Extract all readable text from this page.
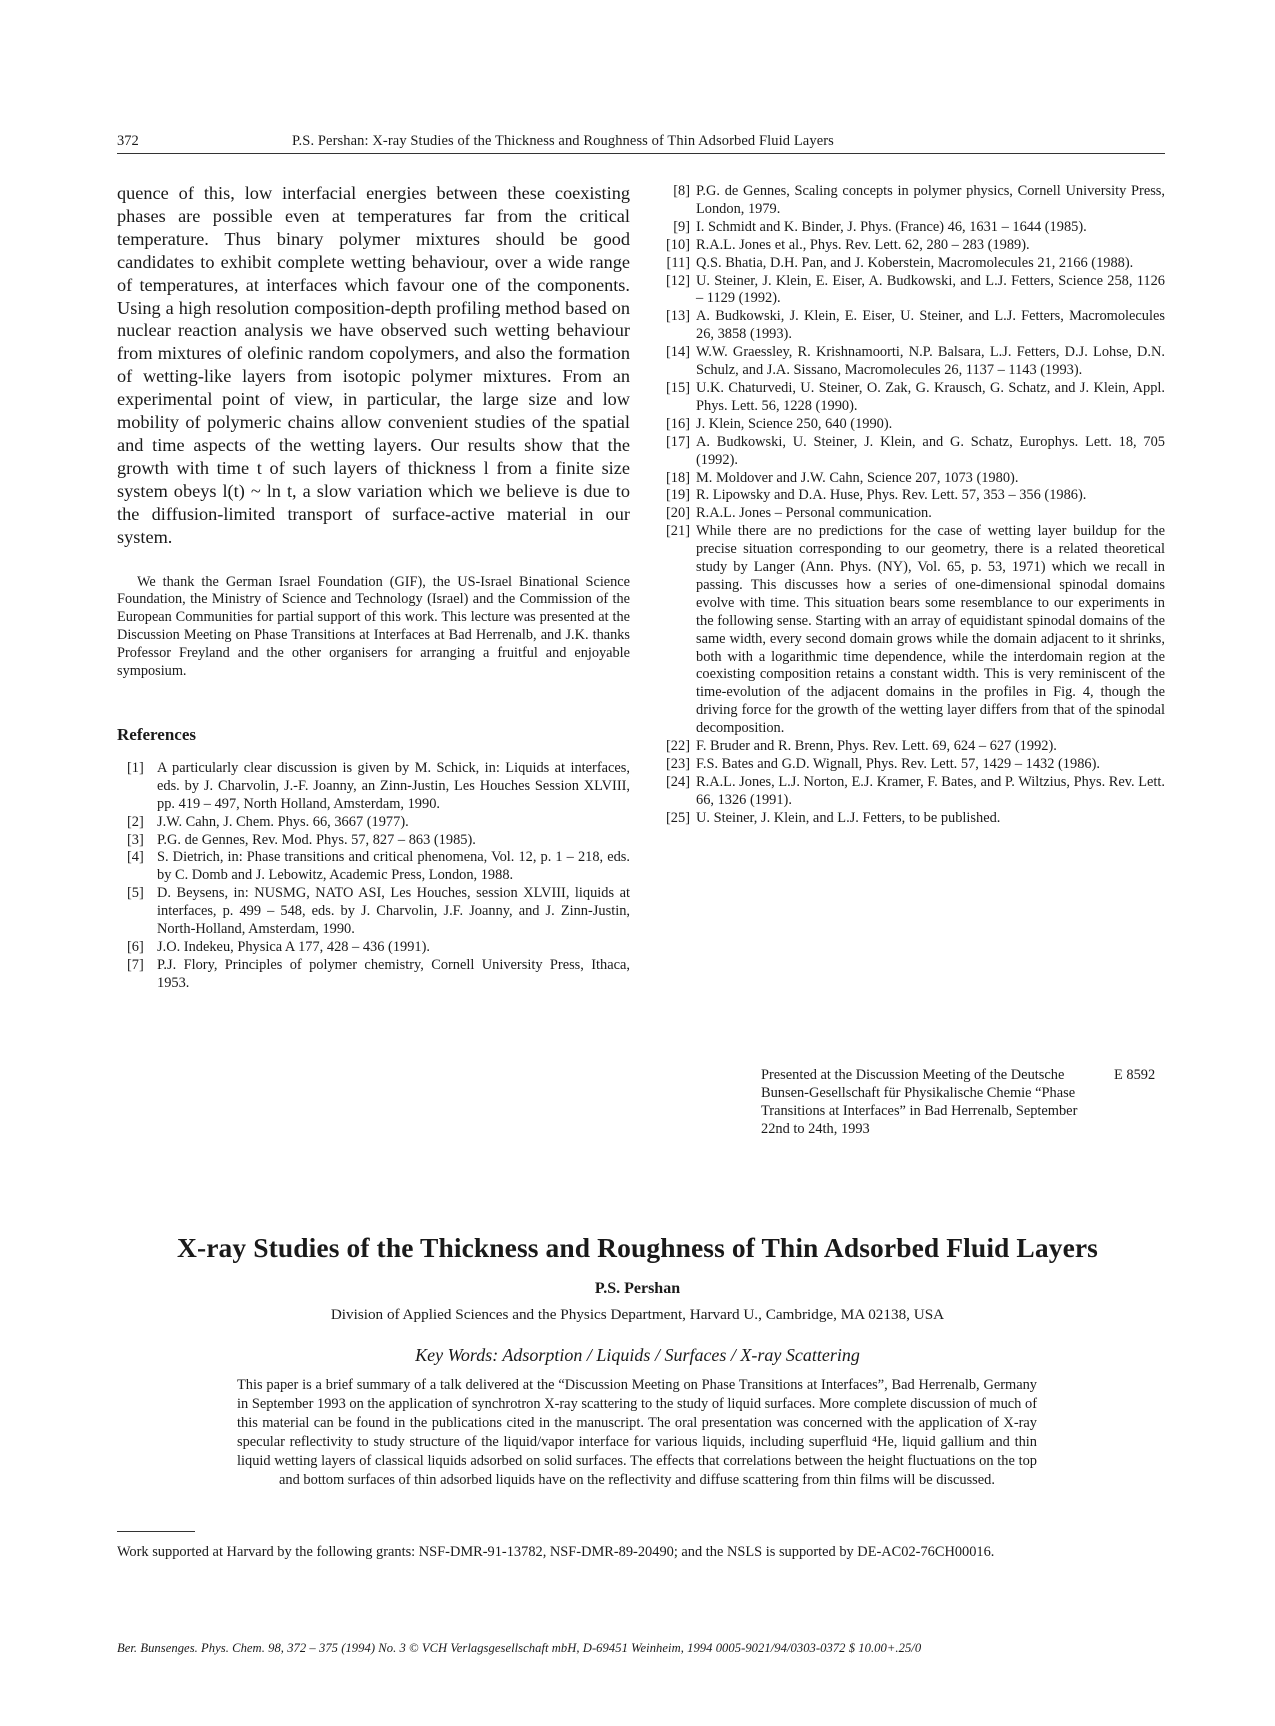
372	P.S. Pershan: X-ray Studies of the Thickness and Roughness of Thin Adsorbed Fluid Layers

quence of this, low interfacial energies between these coexisting phases are possible even at temperatures far from the critical temperature. Thus binary polymer mixtures should be good candidates to exhibit complete wetting behaviour, over a wide range of temperatures, at interfaces which favour one of the components. Using a high resolution composition-depth profiling method based on nuclear reaction analysis we have observed such wetting behaviour from mixtures of olefinic random copolymers, and also the formation of wetting-like layers from isotopic polymer mixtures. From an experimental point of view, in particular, the large size and low mobility of polymeric chains allow convenient studies of the spatial and time aspects of the wetting layers. Our results show that the growth with time t of such layers of thickness l from a finite size system obeys l(t) ~ ln t, a slow variation which we believe is due to the diffusion-limited transport of surface-active material in our system.

We thank the German Israel Foundation (GIF), the US-Israel Binational Science Foundation, the Ministry of Science and Technology (Israel) and the Commission of the European Communities for partial support of this work. This lecture was presented at the Discussion Meeting on Phase Transitions at Interfaces at Bad Herrenalb, and J.K. thanks Professor Freyland and the other organisers for arranging a fruitful and enjoyable symposium.

References
[1] A particularly clear discussion is given by M. Schick, in: Liquids at interfaces, eds. by J. Charvolin, J.-F. Joanny, an Zinn-Justin, Les Houches Session XLVIII, pp. 419 – 497, North Holland, Amsterdam, 1990.
[2] J.W. Cahn, J. Chem. Phys. 66, 3667 (1977).
[3] P.G. de Gennes, Rev. Mod. Phys. 57, 827 – 863 (1985).
[4] S. Dietrich, in: Phase transitions and critical phenomena, Vol. 12, p. 1 – 218, eds. by C. Domb and J. Lebowitz, Academic Press, London, 1988.
[5] D. Beysens, in: NUSMG, NATO ASI, Les Houches, session XLVIII, liquids at interfaces, p. 499 – 548, eds. by J. Charvolin, J.F. Joanny, and J. Zinn-Justin, North-Holland, Amsterdam, 1990.
[6] J.O. Indekeu, Physica A 177, 428 – 436 (1991).
[7] P.J. Flory, Principles of polymer chemistry, Cornell University Press, Ithaca, 1953.
[8] P.G. de Gennes, Scaling concepts in polymer physics, Cornell University Press, London, 1979.
[9] I. Schmidt and K. Binder, J. Phys. (France) 46, 1631 – 1644 (1985).
[10] R.A.L. Jones et al., Phys. Rev. Lett. 62, 280 – 283 (1989).
[11] Q.S. Bhatia, D.H. Pan, and J. Koberstein, Macromolecules 21, 2166 (1988).
[12] U. Steiner, J. Klein, E. Eiser, A. Budkowski, and L.J. Fetters, Science 258, 1126 – 1129 (1992).
[13] A. Budkowski, J. Klein, E. Eiser, U. Steiner, and L.J. Fetters, Macromolecules 26, 3858 (1993).
[14] W.W. Graessley, R. Krishnamoorti, N.P. Balsara, L.J. Fetters, D.J. Lohse, D.N. Schulz, and J.A. Sissano, Macromolecules 26, 1137 – 1143 (1993).
[15] U.K. Chaturvedi, U. Steiner, O. Zak, G. Krausch, G. Schatz, and J. Klein, Appl. Phys. Lett. 56, 1228 (1990).
[16] J. Klein, Science 250, 640 (1990).
[17] A. Budkowski, U. Steiner, J. Klein, and G. Schatz, Europhys. Lett. 18, 705 (1992).
[18] M. Moldover and J.W. Cahn, Science 207, 1073 (1980).
[19] R. Lipowsky and D.A. Huse, Phys. Rev. Lett. 57, 353 – 356 (1986).
[20] R.A.L. Jones – Personal communication.
[21] While there are no predictions for the case of wetting layer buildup for the precise situation corresponding to our geometry, there is a related theoretical study by Langer (Ann. Phys. (NY), Vol. 65, p. 53, 1971) which we recall in passing. This discusses how a series of one-dimensional spinodal domains evolve with time. This situation bears some resemblance to our experiments in the following sense. Starting with an array of equidistant spinodal domains of the same width, every second domain grows while the domain adjacent to it shrinks, both with a logarithmic time dependence, while the interdomain region at the coexisting composition retains a constant width. This is very reminiscent of the time-evolution of the adjacent domains in the profiles in Fig. 4, though the driving force for the growth of the wetting layer differs from that of the spinodal decomposition.
[22] F. Bruder and R. Brenn, Phys. Rev. Lett. 69, 624 – 627 (1992).
[23] F.S. Bates and G.D. Wignall, Phys. Rev. Lett. 57, 1429 – 1432 (1986).
[24] R.A.L. Jones, L.J. Norton, E.J. Kramer, F. Bates, and P. Wiltzius, Phys. Rev. Lett. 66, 1326 (1991).
[25] U. Steiner, J. Klein, and L.J. Fetters, to be published.
Presented at the Discussion Meeting of the Deutsche Bunsen-Gesellschaft für Physikalische Chemie “Phase Transitions at Interfaces” in Bad Herrenalb, September 22nd to 24th, 1993
E 8592
X-ray Studies of the Thickness and Roughness of Thin Adsorbed Fluid Layers
P.S. Pershan
Division of Applied Sciences and the Physics Department, Harvard U., Cambridge, MA 02138, USA
Key Words: Adsorption / Liquids / Surfaces / X-ray Scattering

This paper is a brief summary of a talk delivered at the “Discussion Meeting on Phase Transitions at Interfaces”, Bad Herrenalb, Germany in September 1993 on the application of synchrotron X-ray scattering to the study of liquid surfaces. More complete discussion of much of this material can be found in the publications cited in the manuscript. The oral presentation was concerned with the application of X-ray specular reflectivity to study structure of the liquid/vapor interface for various liquids, including superfluid ⁴He, liquid gallium and thin liquid wetting layers of classical liquids adsorbed on solid surfaces. The effects that correlations between the height fluctuations on the top and bottom surfaces of thin adsorbed liquids have on the reflectivity and diffuse scattering from thin films will be discussed.

Work supported at Harvard by the following grants: NSF-DMR-91-13782, NSF-DMR-89-20490; and the NSLS is supported by DE-AC02-76CH00016.

Ber. Bunsenges. Phys. Chem. 98, 372 – 375 (1994) No. 3 © VCH Verlagsgesellschaft mbH, D-69451 Weinheim, 1994 0005-9021/94/0303-0372 $ 10.00+.25/0
